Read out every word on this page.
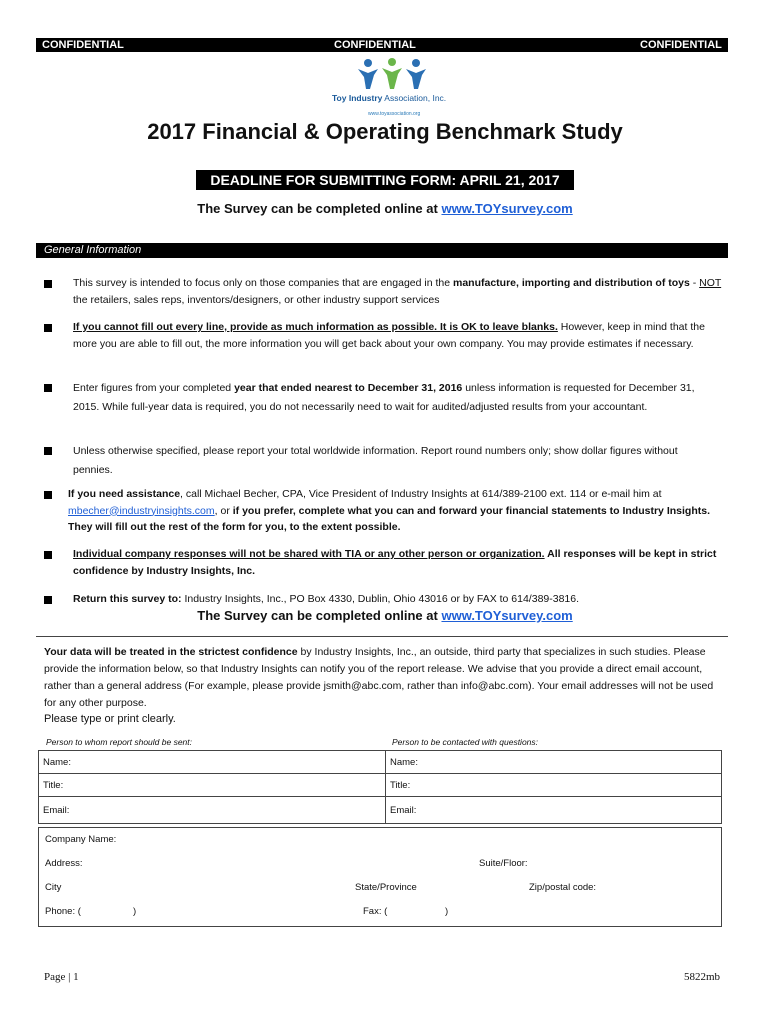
CONFIDENTIAL	CONFIDENTIAL	CONFIDENTIAL
Toy Industry Association, Inc.
www.toyassociation.org
2017 Financial & Operating Benchmark Study
DEADLINE FOR SUBMITTING FORM: APRIL 21, 2017
The Survey can be completed online at www.TOYsurvey.com
General Information
This survey is intended to focus only on those companies that are engaged in the manufacture, importing and distribution of toys - NOT the retailers, sales reps, inventors/designers, or other industry support services
If you cannot fill out every line, provide as much information as possible. It is OK to leave blanks. However, keep in mind that the more you are able to fill out, the more information you will get back about your own company. You may provide estimates if necessary.
Enter figures from your completed year that ended nearest to December 31, 2016 unless information is requested for December 31, 2015. While full-year data is required, you do not necessarily need to wait for audited/adjusted results from your accountant.
Unless otherwise specified, please report your total worldwide information. Report round numbers only; show dollar figures without pennies.
If you need assistance, call Michael Becher, CPA, Vice President of Industry Insights at 614/389-2100 ext. 114 or e-mail him at mbecher@industryinsights.com, or if you prefer, complete what you can and forward your financial statements to Industry Insights. They will fill out the rest of the form for you, to the extent possible.
Individual company responses will not be shared with TIA or any other person or organization. All responses will be kept in strict confidence by Industry Insights, Inc.
Return this survey to: Industry Insights, Inc., PO Box 4330, Dublin, Ohio 43016 or by FAX to 614/389-3816.
The Survey can be completed online at www.TOYsurvey.com
Your data will be treated in the strictest confidence by Industry Insights, Inc., an outside, third party that specializes in such studies. Please provide the information below, so that Industry Insights can notify you of the report release. We advise that you provide a direct email account, rather than a general address (For example, please provide jsmith@abc.com, rather than info@abc.com). Your email addresses will not be used for any other purpose.
Please type or print clearly.
Person to whom report should be sent:	Person to be contacted with questions:
Name:	Name:
Title:	Title:
Email:	Email:
Company Name:
Address:	Suite/Floor:
City	State/Province	Zip/postal code:
Phone: (	)	Fax: (	)
Page | 1	5822mb
